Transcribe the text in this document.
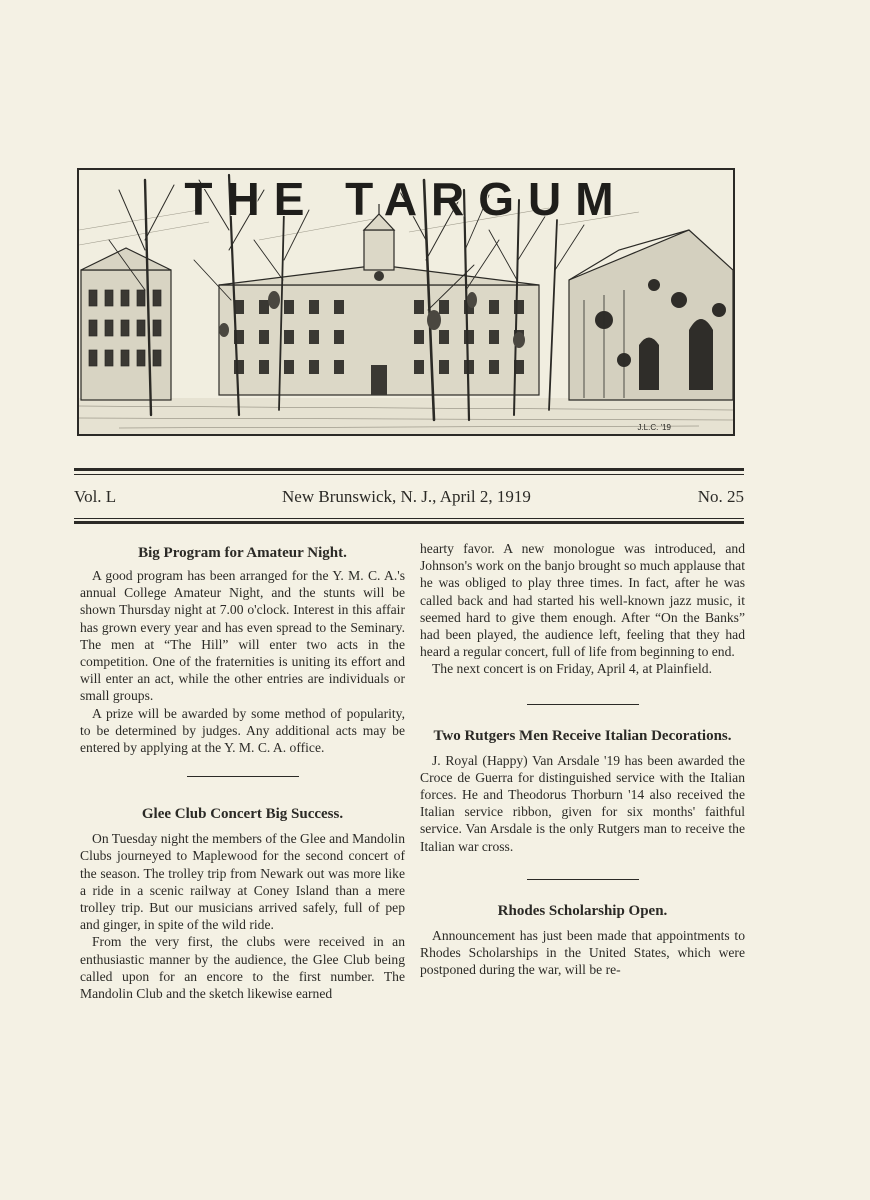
THE TARGUM
J.L.C. '19
Vol. L	New Brunswick, N. J., April 2, 1919	No. 25
Big Program for Amateur Night.

A good program has been arranged for the Y. M. C. A.'s annual College Amateur Night, and the stunts will be shown Thursday night at 7.00 o'clock. Interest in this affair has grown every year and has even spread to the Seminary. The men at “The Hill” will enter two acts in the competition. One of the fraternities is uniting its effort and will enter an act, while the other entries are individuals or small groups.

A prize will be awarded by some method of popularity, to be determined by judges. Any additional acts may be entered by applying at the Y. M. C. A. office.

Glee Club Concert Big Success.

On Tuesday night the members of the Glee and Mandolin Clubs journeyed to Maplewood for the second concert of the season. The trolley trip from Newark out was more like a ride in a scenic railway at Coney Island than a mere trolley trip. But our musicians arrived safely, full of pep and ginger, in spite of the wild ride.

From the very first, the clubs were received in an enthusiastic manner by the audience, the Glee Club being called upon for an encore to the first number. The Mandolin Club and the sketch likewise earned

hearty favor. A new monologue was introduced, and Johnson's work on the banjo brought so much applause that he was obliged to play three times. In fact, after he was called back and had started his well-known jazz music, it seemed hard to give them enough. After “On the Banks” had been played, the audience left, feeling that they had heard a regular concert, full of life from beginning to end.

The next concert is on Friday, April 4, at Plainfield.

Two Rutgers Men Receive Italian Decorations.

J. Royal (Happy) Van Arsdale '19 has been awarded the Croce de Guerra for distinguished service with the Italian forces. He and Theodorus Thorburn '14 also received the Italian service ribbon, given for six months' faithful service. Van Arsdale is the only Rutgers man to receive the Italian war cross.

Rhodes Scholarship Open.

Announcement has just been made that appointments to Rhodes Scholarships in the United States, which were postponed during the war, will be re-
